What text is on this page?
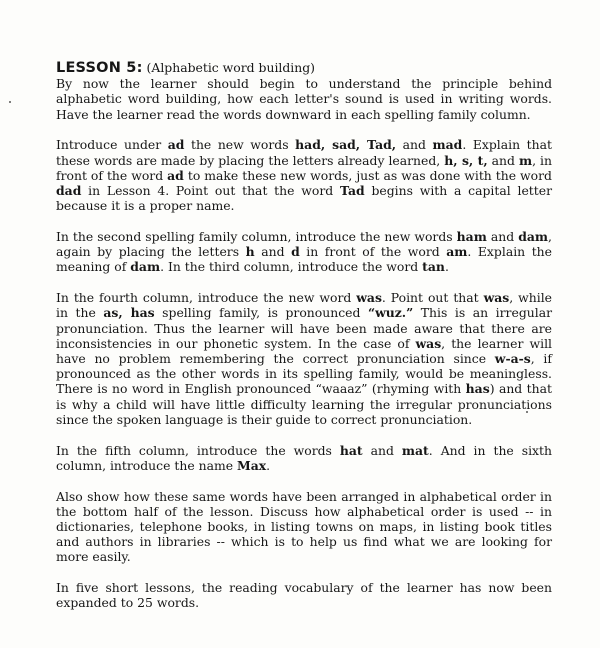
LESSON 5: (Alphabetic word building)

By now the learner should begin to understand the principle behind alphabetic word building, how each letter's sound is used in writing words. Have the learner read the words downward in each spelling family column.

Introduce under ad the new words had, sad, Tad, and mad. Explain that these words are made by placing the letters already learned, h, s, t, and m, in front of the word ad to make these new words, just as was done with the word dad in Lesson 4. Point out that the word Tad begins with a capital letter because it is a proper name.

In the second spelling family column, introduce the new words ham and dam, again by placing the letters h and d in front of the word am. Explain the meaning of dam. In the third column, introduce the word tan.

In the fourth column, introduce the new word was. Point out that was, while in the as, has spelling family, is pronounced “wuz.” This is an irregular pronunciation. Thus the learner will have been made aware that there are inconsistencies in our phonetic system. In the case of was, the learner will have no problem remembering the correct pronunciation since w-a-s, if pronounced as the other words in its spelling family, would be meaningless. There is no word in English pronounced “waaaz” (rhyming with has) and that is why a child will have little difficulty learning the irregular pronunciations since the spoken language is their guide to correct pronunciation.

In the fifth column, introduce the words hat and mat. And in the sixth column, introduce the name Max.

Also show how these same words have been arranged in alphabetical order in the bottom half of the lesson. Discuss how alphabetical order is used -- in dictionaries, telephone books, in listing towns on maps, in listing book titles and authors in libraries -- which is to help us find what we are looking for more easily.

In five short lessons, the reading vocabulary of the learner has now been expanded to 25 words.
